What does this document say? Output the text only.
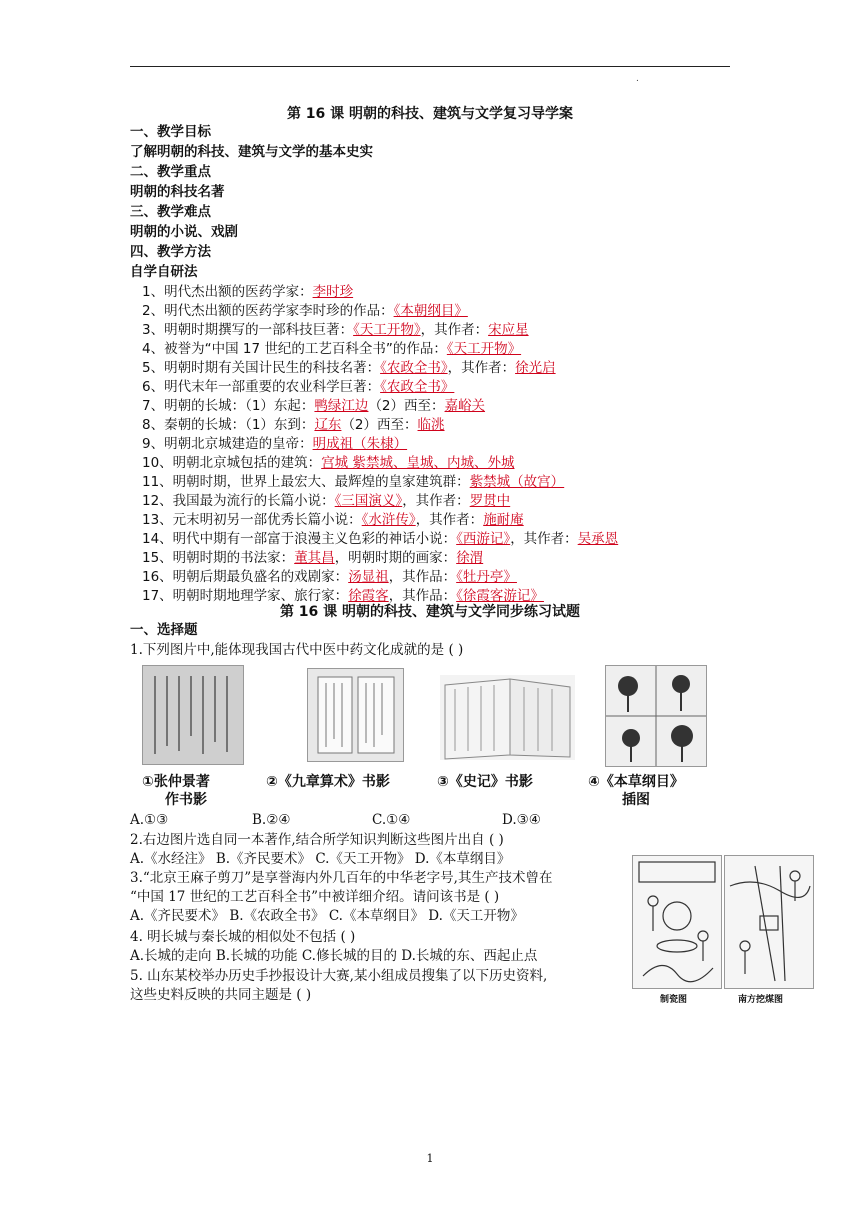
.
第 16 课 明朝的科技、建筑与文学复习导学案
一、教学目标
了解明朝的科技、建筑与文学的基本史实
二、教学重点
明朝的科技名著
三、教学难点
明朝的小说、戏剧
四、教学方法
自学自研法
1、明代杰出额的医药学家：李时珍
2、明代杰出额的医药学家李时珍的作品：《本朝纲目》
3、明朝时期撰写的一部科技巨著：《天工开物》，其作者：宋应星
4、被誉为“中国 17 世纪的工艺百科全书”的作品：《天工开物》
5、明朝时期有关国计民生的科技名著：《农政全书》，其作者：徐光启
6、明代末年一部重要的农业科学巨著：《农政全书》
7、明朝的长城：（1）东起：鸭绿江边（2）西至：嘉峪关
8、秦朝的长城：（1）东到：辽东（2）西至：临洮
9、明朝北京城建造的皇帝：明成祖（朱棣）
10、明朝北京城包括的建筑：宫城 紫禁城、皇城、内城、外城
11、明朝时期，世界上最宏大、最辉煌的皇家建筑群：紫禁城（故宫）
12、我国最为流行的长篇小说：《三国演义》，其作者：罗贯中
13、元末明初另一部优秀长篇小说：《水浒传》，其作者：施耐庵
14、明代中期有一部富于浪漫主义色彩的神话小说：《西游记》，其作者：吴承恩
15、明朝时期的书法家：董其昌，明朝时期的画家：徐渭
16、明朝后期最负盛名的戏剧家：汤显祖，其作品：《牡丹亭》
17、明朝时期地理学家、旅行家：徐霞客，其作品：《徐霞客游记》
第 16 课 明朝的科技、建筑与文学同步练习试题
一、选择题
1.下列图片中,能体现我国古代中医中药文化成就的是 ( )
①张仲景著
作书影
②《九章算术》书影	③《史记》书影	④《本草纲目》
插图
A.①③	B.②④	C.①④	D.③④
2.右边图片选自同一本著作,结合所学知识判断这些图片出自 ( )
A.《水经注》 B.《齐民要术》 C.《天工开物》 D.《本草纲目》
3.“北京王麻子剪刀”是享誉海内外几百年的中华老字号,其生产技术曾在
“中国 17 世纪的工艺百科全书”中被详细介绍。请问该书是 ( )
A.《齐民要术》 B.《农政全书》 C.《本草纲目》 D.《天工开物》
4. 明长城与秦长城的相似处不包括 ( )
A.长城的走向 B.长城的功能 C.修长城的目的 D.长城的东、西起止点
5. 山东某校举办历史手抄报设计大赛,某小组成员搜集了以下历史资料,
这些史料反映的共同主题是 ( )	制瓷图	南方挖煤图
1
